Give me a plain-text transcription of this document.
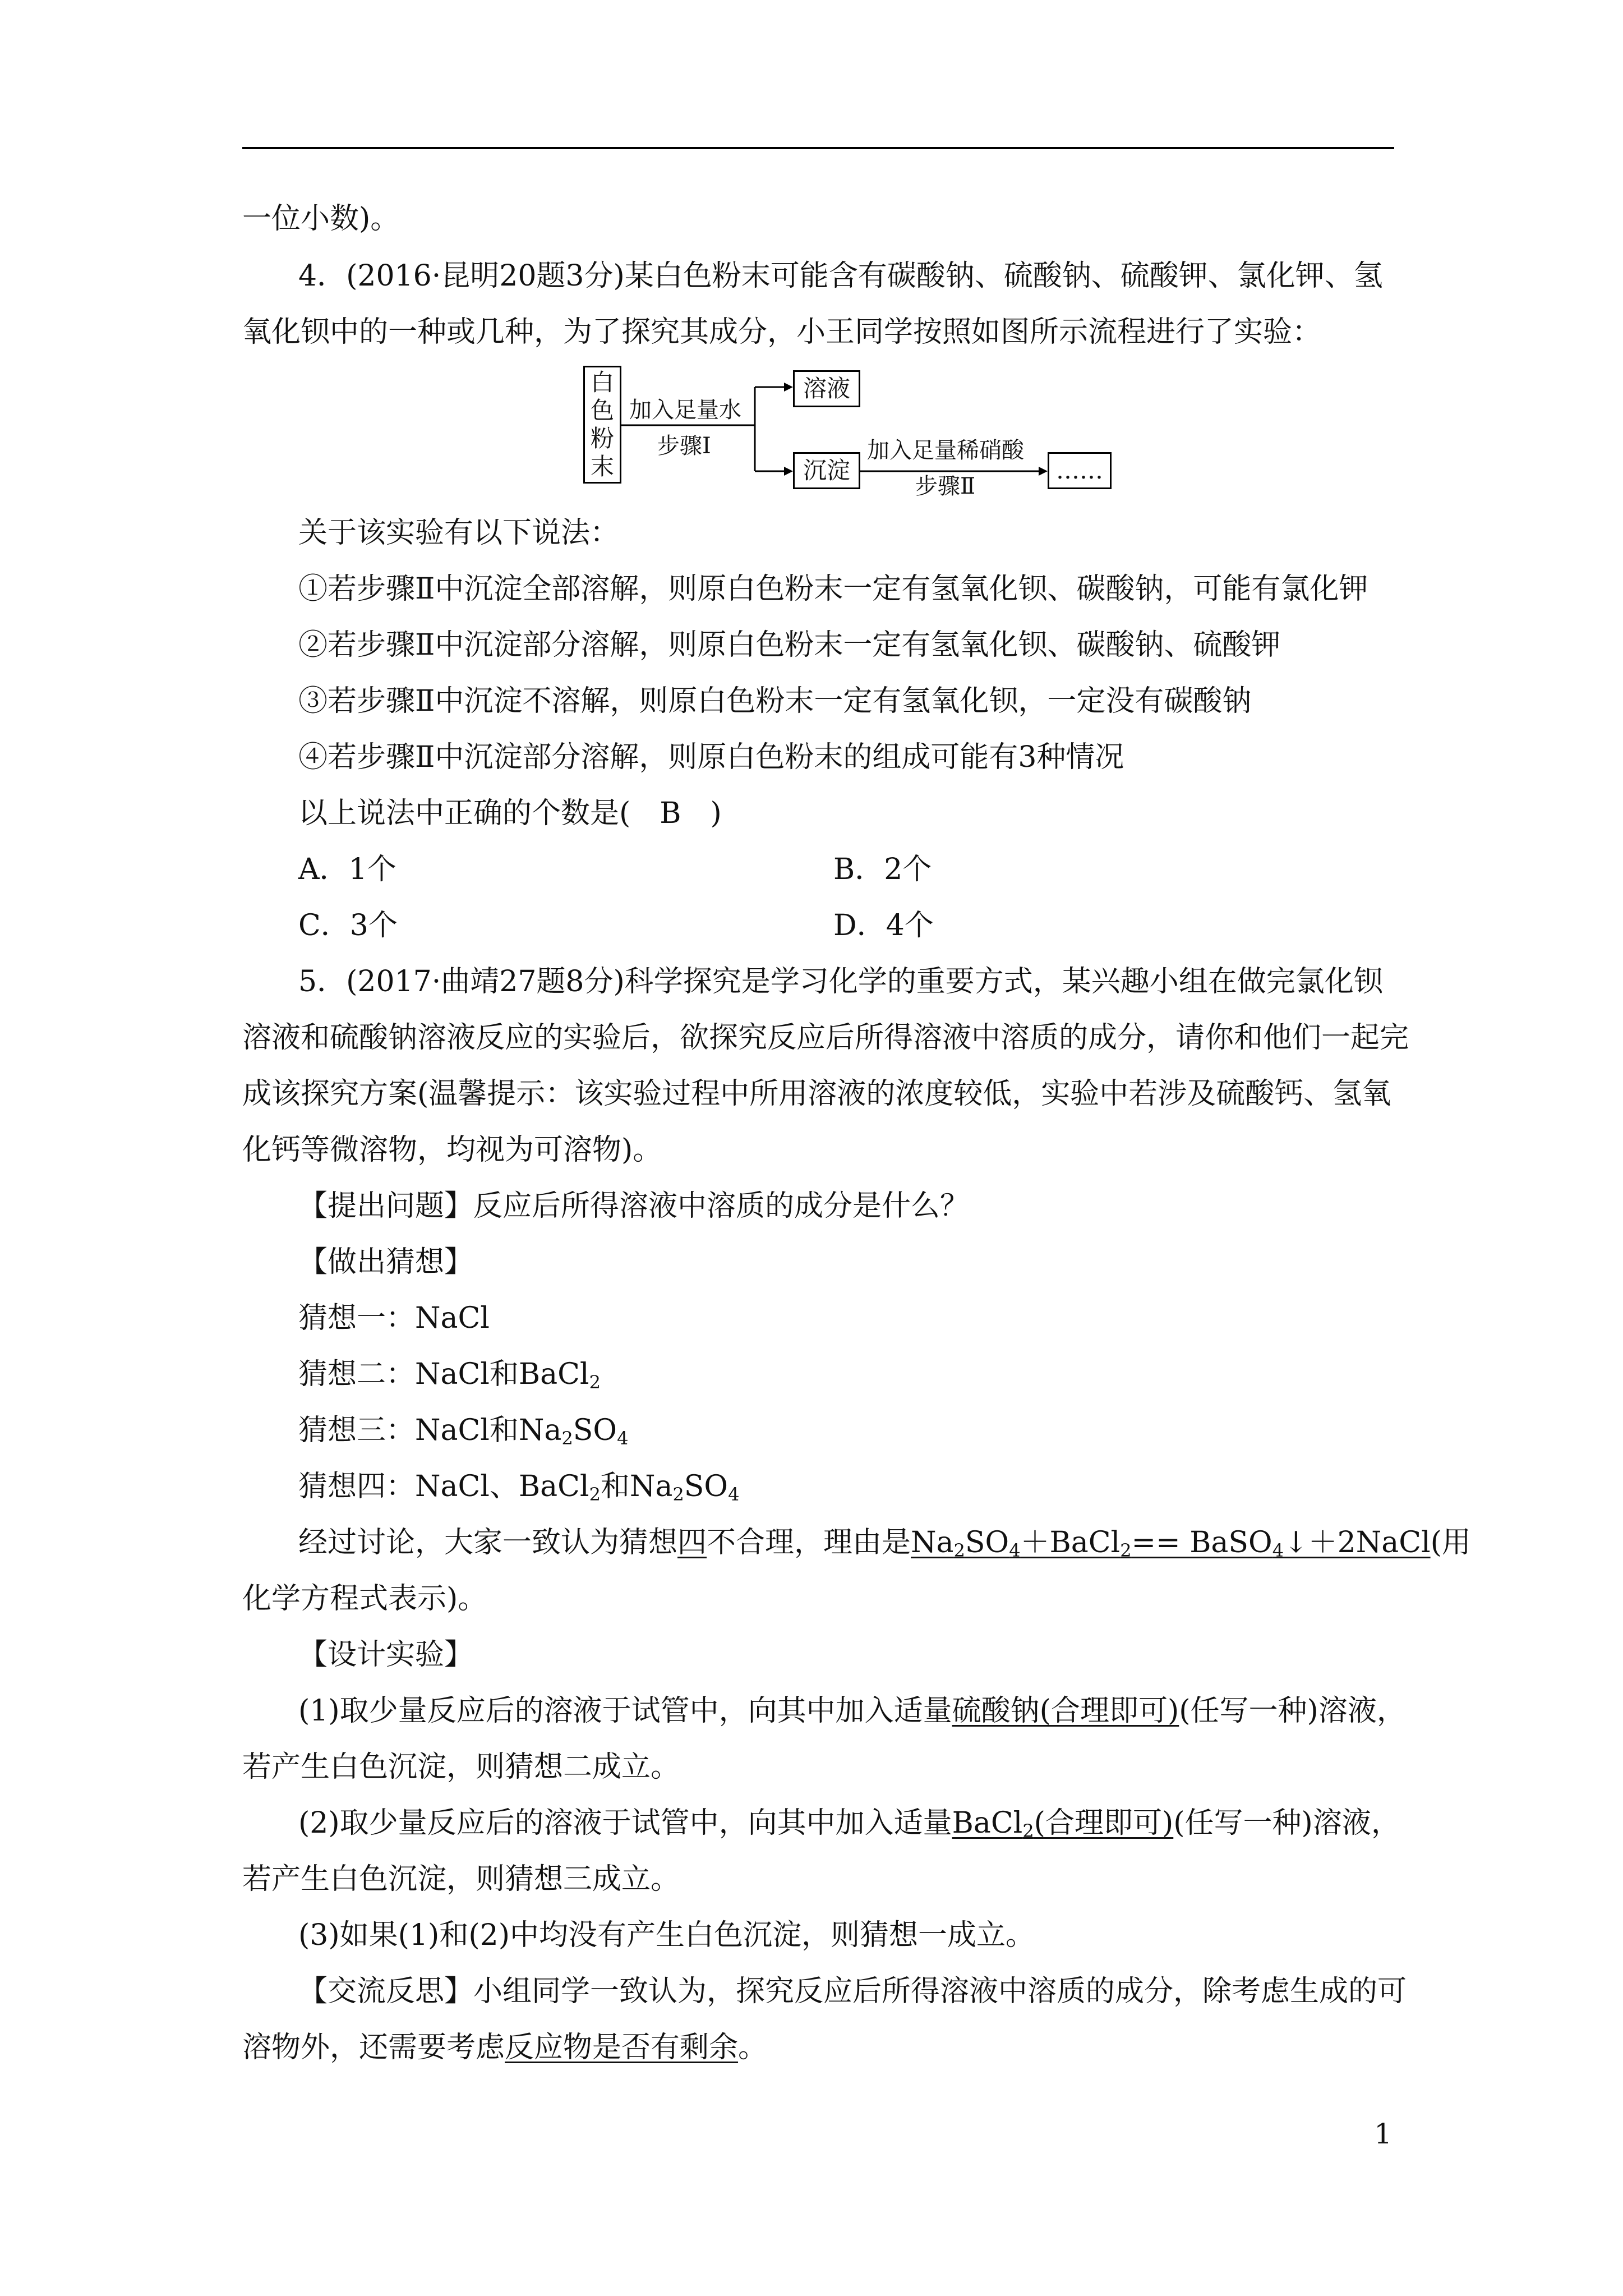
一位小数)。
4．(2016·昆明20题3分)某白色粉末可能含有碳酸钠、硫酸钠、硫酸钾、氯化钾、氢
氧化钡中的一种或几种，为了探究其成分，小王同学按照如图所示流程进行了实验：
白
色
粉
末
加入足量水
步骤Ⅰ
溶液
沉淀
加入足量稀硝酸
步骤Ⅱ
……
关于该实验有以下说法：
①若步骤Ⅱ中沉淀全部溶解，则原白色粉末一定有氢氧化钡、碳酸钠，可能有氯化钾
②若步骤Ⅱ中沉淀部分溶解，则原白色粉末一定有氢氧化钡、碳酸钠、硫酸钾
③若步骤Ⅱ中沉淀不溶解，则原白色粉末一定有氢氧化钡，一定没有碳酸钠
④若步骤Ⅱ中沉淀部分溶解，则原白色粉末的组成可能有3种情况
以上说法中正确的个数是(　B　)
A．1个	B．2个
C．3个	D．4个
5．(2017·曲靖27题8分)科学探究是学习化学的重要方式，某兴趣小组在做完氯化钡
溶液和硫酸钠溶液反应的实验后，欲探究反应后所得溶液中溶质的成分，请你和他们一起完
成该探究方案(温馨提示：该实验过程中所用溶液的浓度较低，实验中若涉及硫酸钙、氢氧
化钙等微溶物，均视为可溶物)。
【提出问题】反应后所得溶液中溶质的成分是什么？
【做出猜想】
猜想一：NaCl
猜想二：NaCl和BaCl$_2$
猜想三：NaCl和$Na_2SO_4$
猜想四：NaCl、BaCl$_2$和$Na_2SO_4$
经过讨论，大家一致认为猜想四不合理，理由是$Na_2SO_4+BaCl_2==$ BaSO$_4$↓＋2NaCl(用
化学方程式表示)。
【设计实验】
(1)取少量反应后的溶液于试管中，向其中加入适量硫酸钠(合理即可)(任写一种)溶液，
若产生白色沉淀，则猜想二成立。
(2)取少量反应后的溶液于试管中，向其中加入适量BaCl$_2$(合理即可)(任写一种)溶液，
若产生白色沉淀，则猜想三成立。
(3)如果(1)和(2)中均没有产生白色沉淀，则猜想一成立。
【交流反思】小组同学一致认为，探究反应后所得溶液中溶质的成分，除考虑生成的可
溶物外，还需要考虑反应物是否有剩余。
1
